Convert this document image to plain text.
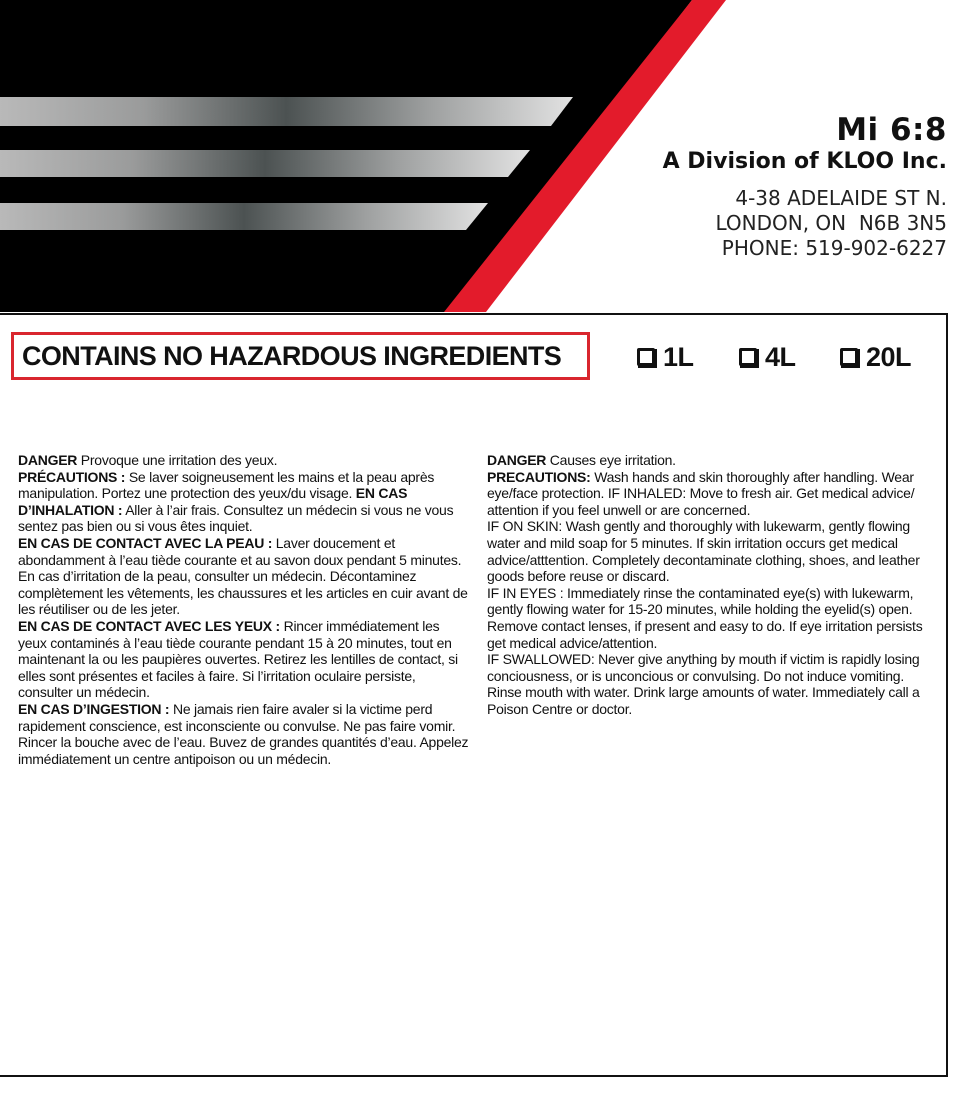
Mi 6:8
A Division of KLOO Inc.
4-38 ADELAIDE ST N.
LONDON, ON  N6B 3N5
PHONE: 519-902-6227
CONTAINS NO HAZARDOUS INGREDIENTS	1L	4L	20L

DANGER Provoque une irritation des yeux.

PRÉCAUTIONS : Se laver soigneusement les mains et la peau après manipulation. Portez une protection des yeux/du visage. EN CAS D’INHALATION : Aller à l’air frais. Consultez un médecin si vous ne vous sentez pas bien ou si vous êtes inquiet.

EN CAS DE CONTACT AVEC LA PEAU : Laver doucement et abondamment à l’eau tiède courante et au savon doux pendant 5 minutes. En cas d’irritation de la peau, consulter un médecin. Décontaminez complètement les vêtements, les chaussures et les articles en cuir avant de les réutiliser ou de les jeter.

EN CAS DE CONTACT AVEC LES YEUX : Rincer immédiatement les yeux contaminés à l’eau tiède courante pendant 15 à 20 minutes, tout en maintenant la ou les paupières ouvertes. Retirez les lentilles de contact, si elles sont présentes et faciles à faire. Si l’irritation oculaire persiste, consulter un médecin.

EN CAS D’INGESTION : Ne jamais rien faire avaler si la victime perd rapidement conscience, est inconsciente ou convulse. Ne pas faire vomir. Rincer la bouche avec de l’eau. Buvez de grandes quantités d’eau. Appelez immédiatement un centre antipoison ou un médecin.

DANGER Causes eye irritation.

PRECAUTIONS: Wash hands and skin thoroughly after handling. Wear eye/face protection. IF INHALED: Move to fresh air. Get medical advice/ attention if you feel unwell or are concerned.

IF ON SKIN: Wash gently and thoroughly with lukewarm, gently flowing water and mild soap for 5 minutes. If skin irritation occurs get medical advice/atttention. Completely decontaminate clothing, shoes, and leather goods before reuse or discard.

IF IN EYES : Immediately rinse the contaminated eye(s) with lukewarm, gently flowing water for 15-20 minutes, while holding the eyelid(s) open. Remove contact lenses, if present and easy to do. If eye irritation persists get medical advice/attention.

IF SWALLOWED: Never give anything by mouth if victim is rapidly losing conciousness, or is unconcious or convulsing. Do not induce vomiting. Rinse mouth with water. Drink large amounts of water. Immediately call a Poison Centre or doctor.
